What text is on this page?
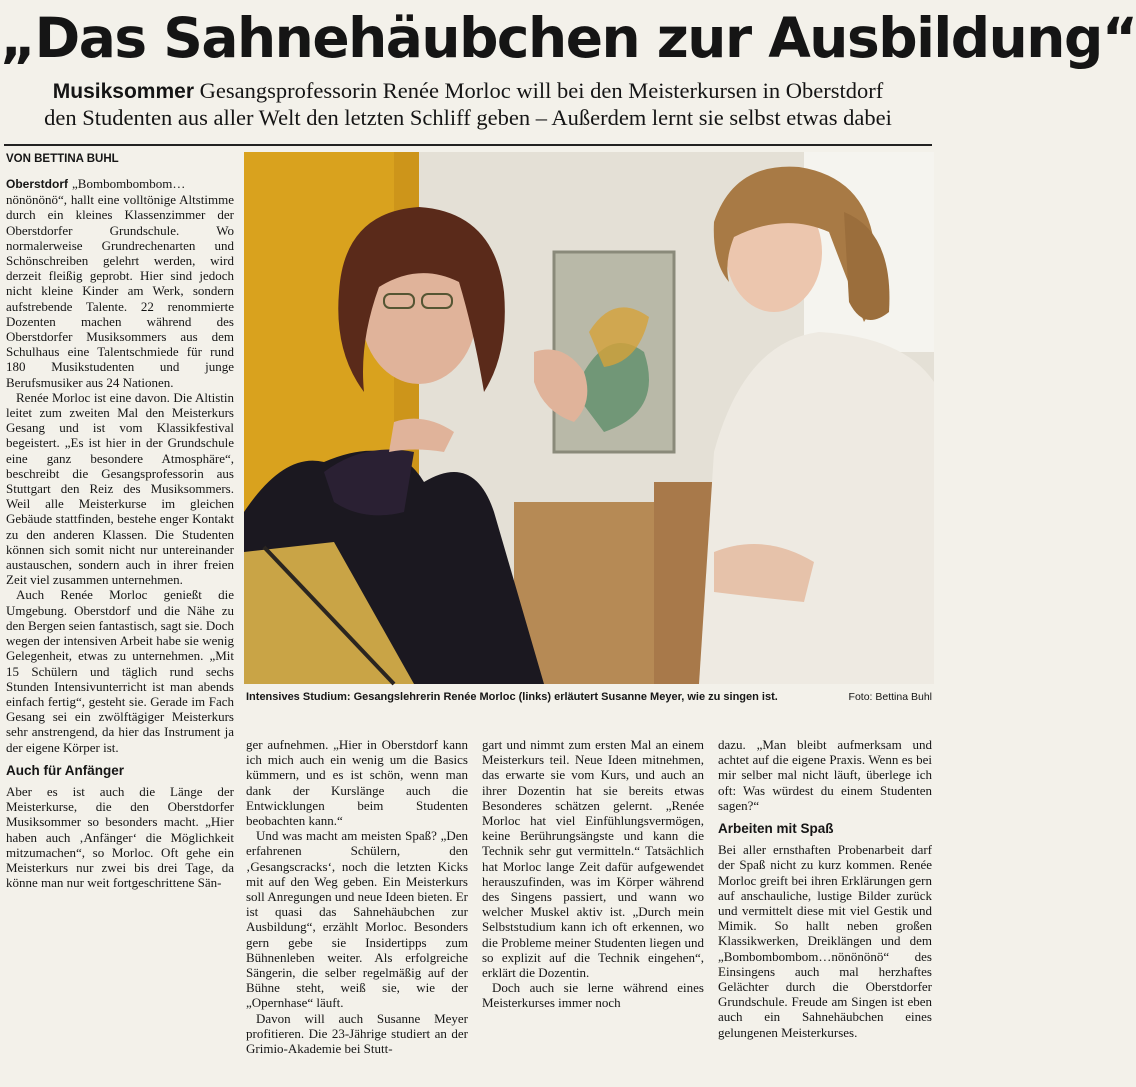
„Das Sahnehäubchen zur Ausbildung“
Musiksommer Gesangsprofessorin Renée Morloc will bei den Meisterkursen in Oberstdorf
den Studenten aus aller Welt den letzten Schliff geben – Außerdem lernt sie selbst etwas dabei
VON BETTINA BUHL

Oberstdorf „Bombombombom…nönönönö“, hallt eine volltönige Altstimme durch ein kleines Klassenzimmer der Oberstdorfer Grundschule. Wo normalerweise Grundrechenarten und Schönschreiben gelehrt werden, wird derzeit fleißig geprobt. Hier sind jedoch nicht kleine Kinder am Werk, sondern aufstrebende Talente. 22 renommierte Dozenten machen während des Oberstdorfer Musiksommers aus dem Schulhaus eine Talentschmiede für rund 180 Musikstudenten und junge Berufsmusiker aus 24 Nationen.

Renée Morloc ist eine davon. Die Altistin leitet zum zweiten Mal den Meisterkurs Gesang und ist vom Klassikfestival begeistert. „Es ist hier in der Grundschule eine ganz besondere Atmosphäre“, beschreibt die Gesangsprofessorin aus Stuttgart den Reiz des Musiksommers. Weil alle Meisterkurse im gleichen Gebäude stattfinden, bestehe enger Kontakt zu den anderen Klassen. Die Studenten können sich somit nicht nur untereinander austauschen, sondern auch in ihrer freien Zeit viel zusammen unternehmen.

Auch Renée Morloc genießt die Umgebung. Oberstdorf und die Nähe zu den Bergen seien fantastisch, sagt sie. Doch wegen der intensiven Arbeit habe sie wenig Gelegenheit, etwas zu unternehmen. „Mit 15 Schülern und täglich rund sechs Stunden Intensivunterricht ist man abends einfach fertig“, gesteht sie. Gerade im Fach Gesang sei ein zwölftägiger Meisterkurs sehr anstrengend, da hier das Instrument ja der eigene Körper ist.

Auch für Anfänger

Aber es ist auch die Länge der Meisterkurse, die den Oberstdorfer Musiksommer so besonders macht. „Hier haben auch ‚Anfänger‘ die Möglichkeit mitzumachen“, so Morloc. Oft gehe ein Meisterkurs nur zwei bis drei Tage, da könne man nur weit fortgeschrittene Sän-

Intensives Studium: Gesangslehrerin Renée Morloc (links) erläutert Susanne Meyer, wie zu singen ist.	Foto: Bettina Buhl

ger aufnehmen. „Hier in Oberstdorf kann ich mich auch ein wenig um die Basics kümmern, und es ist schön, wenn man dank der Kurslänge auch die Entwicklungen beim Studenten beobachten kann.“

Und was macht am meisten Spaß? „Den erfahrenen Schülern, den ‚Gesangscracks‘, noch die letzten Kicks mit auf den Weg geben. Ein Meisterkurs soll Anregungen und neue Ideen bieten. Er ist quasi das Sahnehäubchen zur Ausbildung“, erzählt Morloc. Besonders gern gebe sie Insidertipps zum Bühnenleben weiter. Als erfolgreiche Sängerin, die selber regelmäßig auf der Bühne steht, weiß sie, wie der „Opernhase“ läuft.

Davon will auch Susanne Meyer profitieren. Die 23-Jährige studiert an der Grimio-Akademie bei Stutt-

gart und nimmt zum ersten Mal an einem Meisterkurs teil. Neue Ideen mitnehmen, das erwarte sie vom Kurs, und auch an ihrer Dozentin hat sie bereits etwas Besonderes schätzen gelernt. „Renée Morloc hat viel Einfühlungsvermögen, keine Berührungsängste und kann die Technik sehr gut vermitteln.“ Tatsächlich hat Morloc lange Zeit dafür aufgewendet herauszufinden, was im Körper während des Singens passiert, und wann wo welcher Muskel aktiv ist. „Durch mein Selbststudium kann ich oft erkennen, wo die Probleme meiner Studenten liegen und so explizit auf die Technik eingehen“, erklärt die Dozentin.

Doch auch sie lerne während eines Meisterkurses immer noch

dazu. „Man bleibt aufmerksam und achtet auf die eigene Praxis. Wenn es bei mir selber mal nicht läuft, überlege ich oft: Was würdest du einem Studenten sagen?“

Arbeiten mit Spaß

Bei aller ernsthaften Probenarbeit darf der Spaß nicht zu kurz kommen. Renée Morloc greift bei ihren Erklärungen gern auf anschauliche, lustige Bilder zurück und vermittelt diese mit viel Gestik und Mimik. So hallt neben großen Klassikwerken, Dreiklängen und dem „Bombombombom…nönönönö“ des Einsingens auch mal herzhaftes Gelächter durch die Oberstdorfer Grundschule. Freude am Singen ist eben auch ein Sahnehäubchen eines gelungenen Meisterkurses.
